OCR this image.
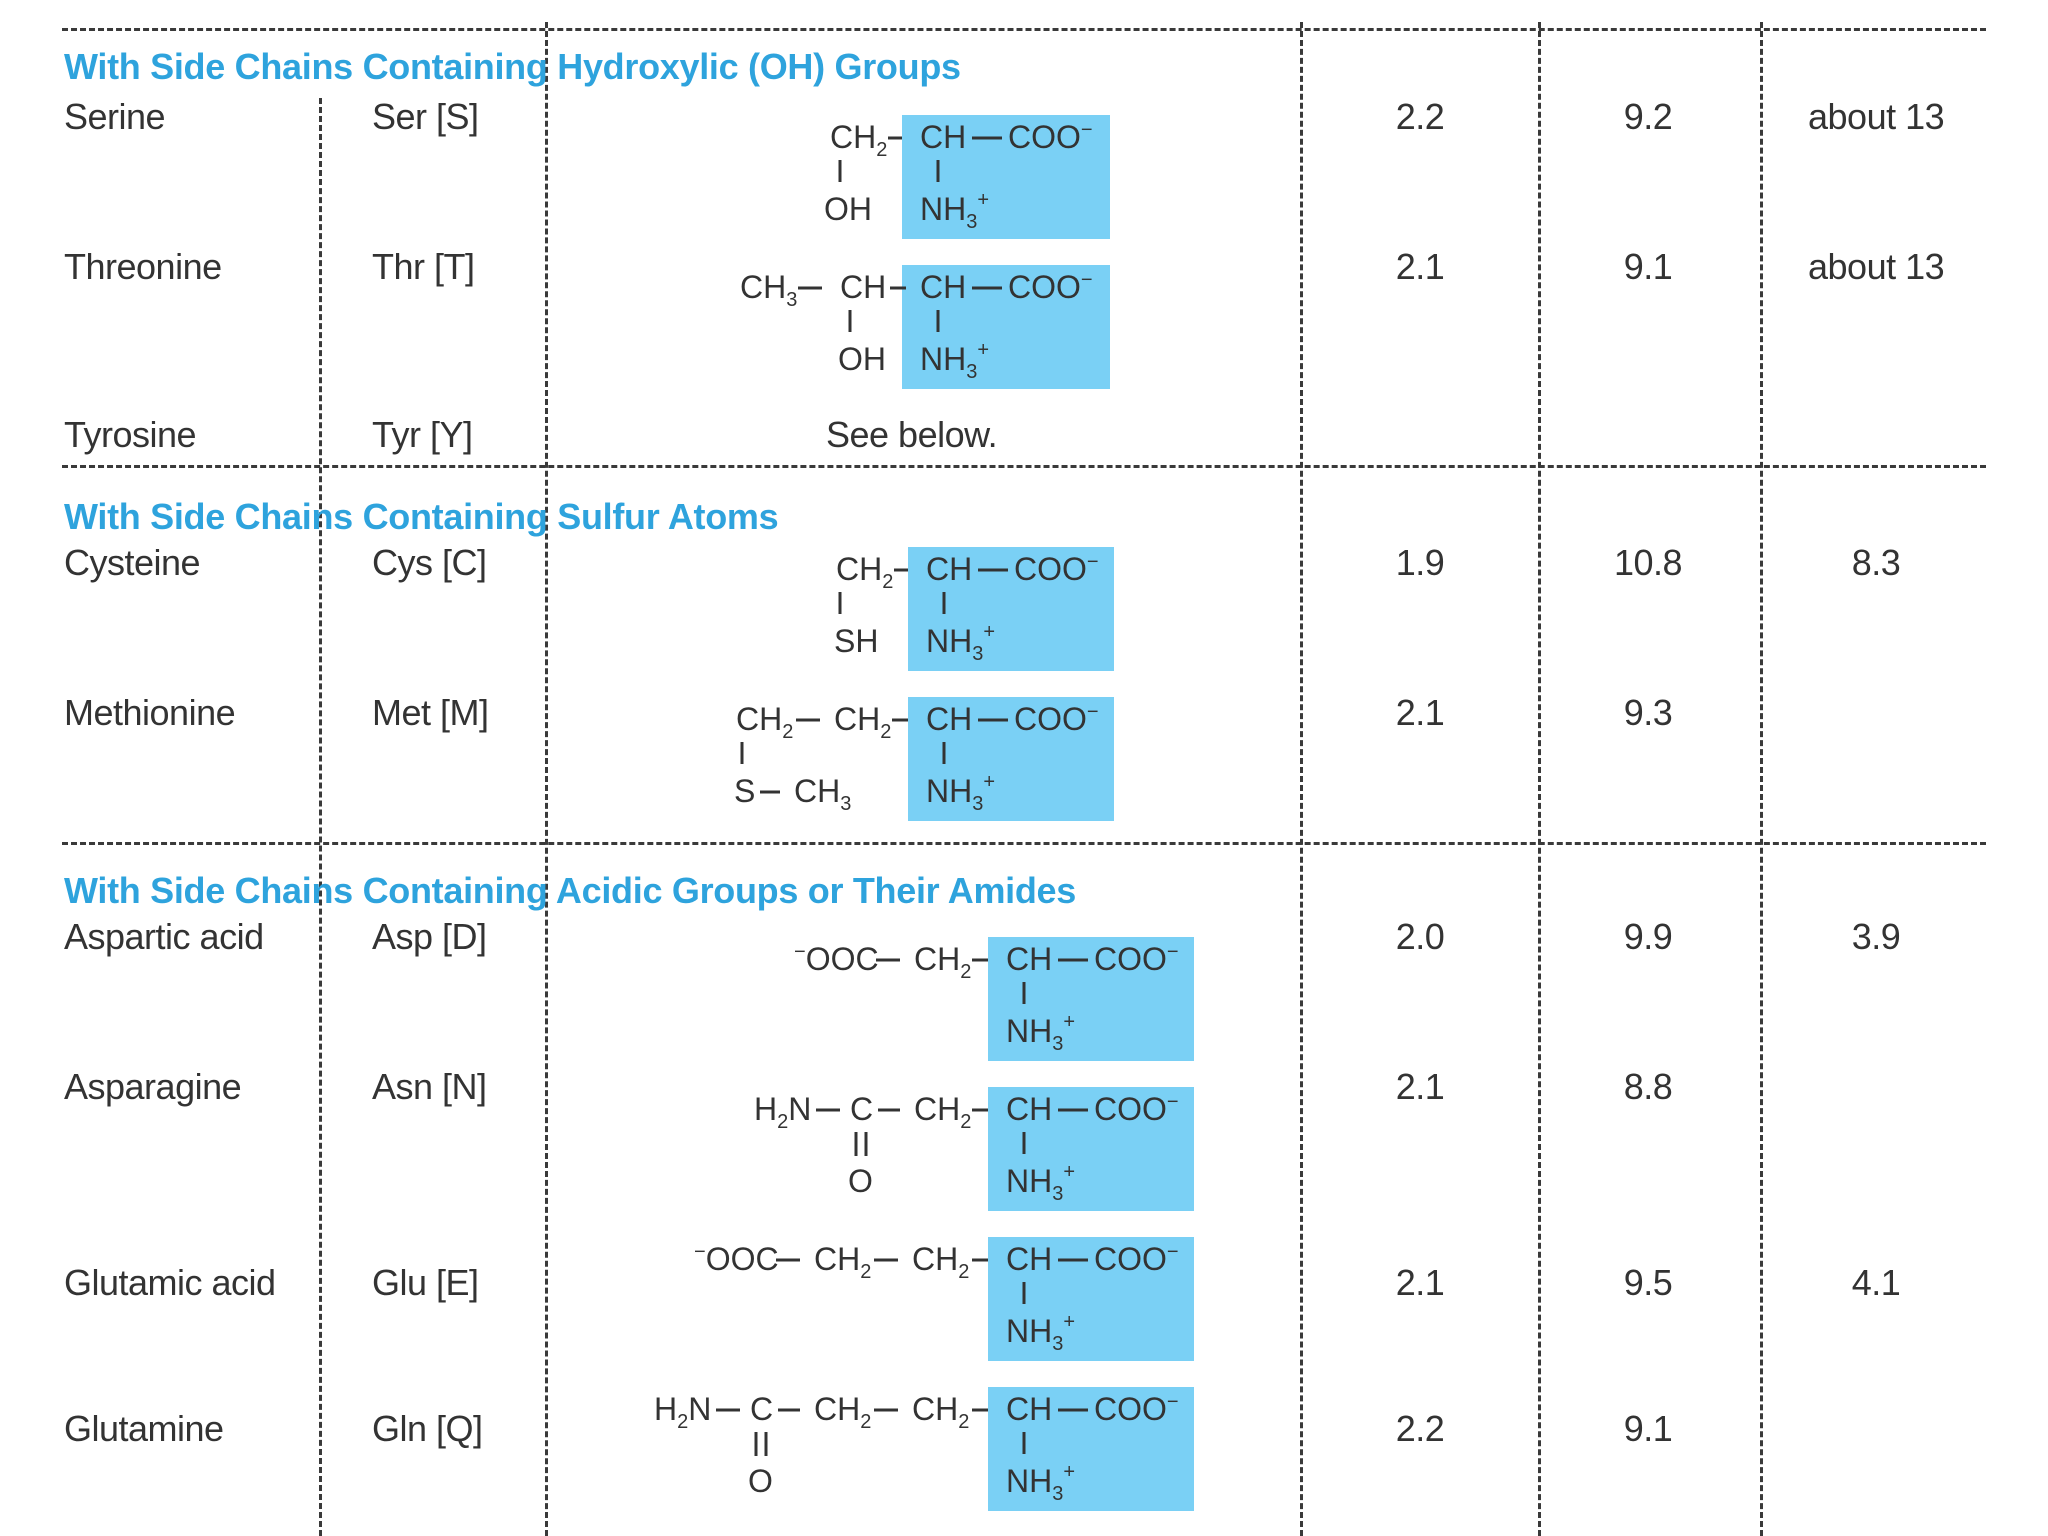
With Side Chains Containing Hydroxylic (OH) Groups
With Side Chains Containing Sulfur Atoms
With Side Chains Containing Acidic Groups or Their Amides
Serine	Ser [S]	2.2	9.2	about 13
$CH_2$ CH COO−
OH $NH_3^+$
Threonine	Thr [T]	2.1	9.1	about 13
$CH_3$ CH CH COO−
OH $NH_3^+$
Tyrosine	Tyr [Y]	See below.
Cysteine	Cys [C]	1.9	10.8	8.3
$CH_2$ CH COO−
SH $NH_3^+$
Methionine	Met [M]	2.1	9.3
$CH_2$ $CH_2$ CH COO−
S $CH_3$ $NH_3^+$
Aspartic acid	Asp [D]	2.0	9.9	3.9
−OOC $CH_2$ CH COO−
$NH_3^+$
Asparagine	Asn [N]	2.1	8.8
$H_2N$ C $CH_2$ CH COO−
O	$NH_3^+$
Glutamic acid	Glu [E]	2.1	9.5	4.1
−OOC $CH_2$ $CH_2$ CH COO−
$NH_3^+$
Glutamine	Gln [Q]	2.2	9.1
$H_2N$ C $CH_2$ $CH_2$ CH COO−
O	$NH_3^+$
